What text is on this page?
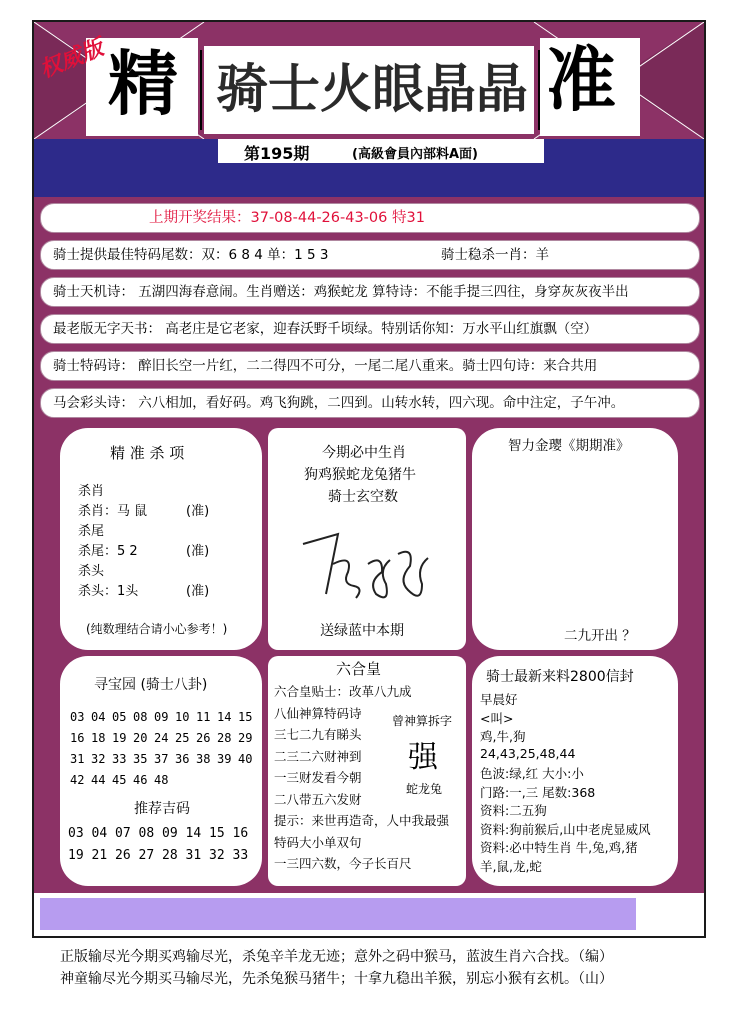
权威版 精 骑士火眼晶晶 准
第195期	(高級會員內部料A面)
上期开奖结果：37-08-44-26-43-06 特31
骑士提供最佳特码尾数：双：6 8 4 单：1 5 3	骑士稳杀一肖：羊
骑士天机诗： 五湖四海春意闹。生肖赠送：鸡猴蛇龙 算特诗：不能手提三四往，身穿灰灰夜半出
最老版无字天书： 高老庄是它老家，迎春沃野千顷绿。特别话你知：万水平山红旗飘（空）
骑士特码诗： 醉旧长空一片红，二二得四不可分，一尾二尾八重来。骑士四句诗：来合共用
马会彩头诗： 六八相加，看好码。鸡飞狗跳，二四到。山转水转，四六现。命中注定，子午冲。
精 准 杀 项
杀肖
杀肖：马 鼠	(准)
杀尾
杀尾：5 2	(准)
杀头
杀头：1头	(准)
(纯数理结合请小心参考！)
今期必中生肖
狗鸡猴蛇龙兔猪牛
骑士玄空数
送绿蓝中本期
智力金璎《期期准》
二九开出 ？
寻宝园 (骑士八卦)
03 04 05 08 09 10 11 14 15
16 18 19 20 24 25 26 28 29
31 32 33 35 37 36 38 39 40
42 44 45 46 48
推荐吉码
03 04 07 08 09 14 15 16
19 21 26 27 28 31 32 33
六合皇
六合皇贴士：改革八九成
八仙神算特码诗
三七二九有睇头
二三二六财神到
一三财发看今朝
二八带五六发财
提示：来世再造奇，人中我最强
特码大小单双句
一三四六数，今子长百尺
曾神算拆字
强
蛇龙兔
骑士最新来料2800信封
早晨好
<叫>
鸡,牛,狗
24,43,25,48,44
色波:绿,红 大小:小
门路:一,三 尾数:368
资料:二五狗
资料:狗前猴后,山中老虎显威风
资料:必中特生肖 牛,兔,鸡,猪
羊,鼠,龙,蛇
正版输尽光今期买鸡输尽光，杀兔辛羊龙无迹；意外之码中猴马，蓝波生肖六合找。（编）
神童输尽光今期买马输尽光，先杀兔猴马猪牛；十拿九稳出羊猴，别忘小猴有玄机。（山）
